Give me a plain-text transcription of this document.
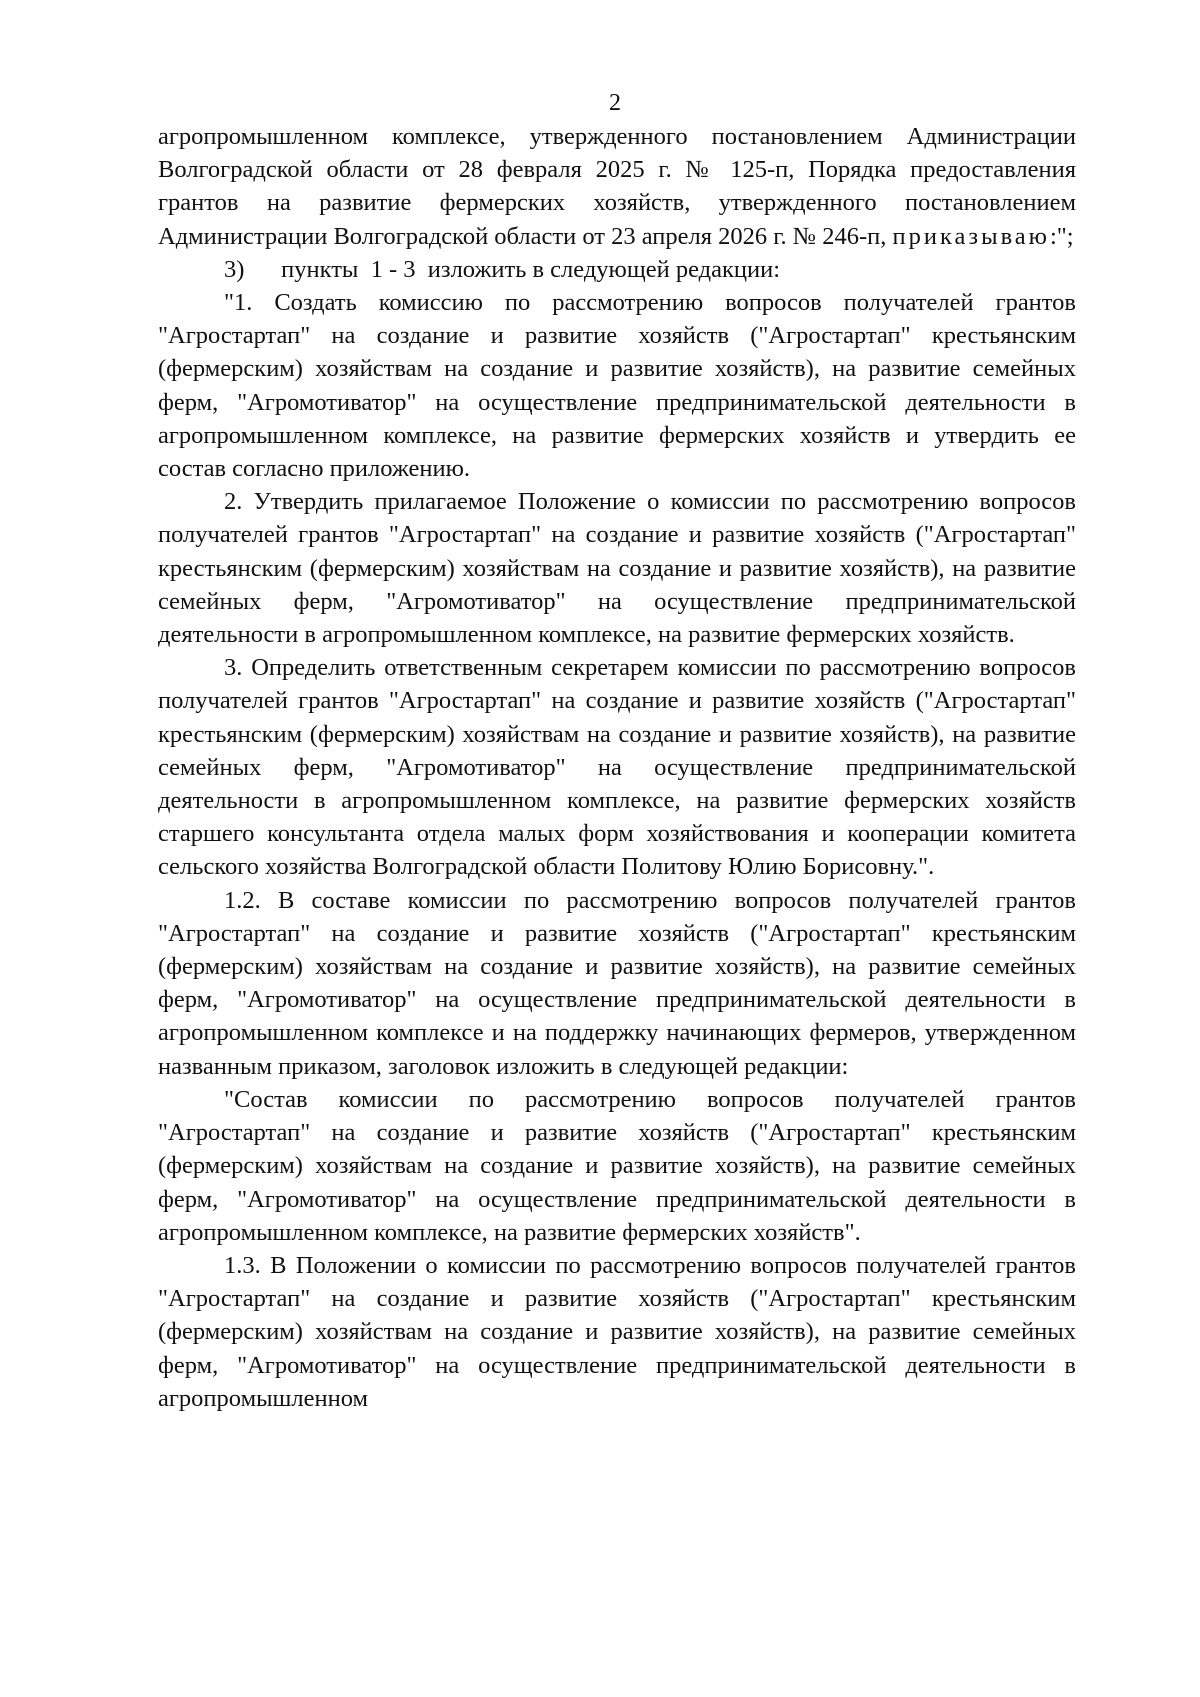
2

агропромышленном комплексе, утвержденного постановлением Администрации Волгоградской области от 28 февраля 2025 г. № 125-п, Порядка предоставления грантов на развитие фермерских хозяйств, утвержденного постановлением Администрации Волгоградской области от 23 апреля 2026 г. № 246-п, приказываю:";

3)      пункты  1 - 3  изложить в следующей редакции:

"1. Создать комиссию по рассмотрению вопросов получателей грантов "Агростартап" на создание и развитие хозяйств ("Агростартап" крестьянским (фермерским) хозяйствам на создание и развитие хозяйств), на развитие семейных ферм, "Агромотиватор" на осуществление предпринимательской деятельности в агропромышленном комплексе, на развитие фермерских хозяйств и утвердить ее состав согласно приложению.

2. Утвердить прилагаемое Положение о комиссии по рассмотрению вопросов получателей грантов "Агростартап" на создание и развитие хозяйств ("Агростартап" крестьянским (фермерским) хозяйствам на создание и развитие хозяйств), на развитие семейных ферм, "Агромотиватор" на осуществление предпринимательской деятельности в агропромышленном комплексе, на развитие фермерских хозяйств.

3. Определить ответственным секретарем комиссии по рассмотрению вопросов получателей грантов "Агростартап" на создание и развитие хозяйств ("Агростартап" крестьянским (фермерским) хозяйствам на создание и развитие хозяйств), на развитие семейных ферм, "Агромотиватор" на осуществление предпринимательской деятельности в агропромышленном комплексе, на развитие фермерских хозяйств старшего консультанта отдела малых форм хозяйствования и кооперации комитета сельского хозяйства Волгоградской области Политову Юлию Борисовну.".

1.2. В составе комиссии по рассмотрению вопросов получателей грантов "Агростартап" на создание и развитие хозяйств ("Агростартап" крестьянским (фермерским) хозяйствам на создание и развитие хозяйств), на развитие семейных ферм, "Агромотиватор" на осуществление предпринимательской деятельности в агропромышленном комплексе и на поддержку начинающих фермеров, утвержденном названным приказом, заголовок изложить в следующей редакции:

"Состав комиссии по рассмотрению вопросов получателей грантов "Агростартап" на создание и развитие хозяйств ("Агростартап" крестьянским (фермерским) хозяйствам на создание и развитие хозяйств), на развитие семейных ферм, "Агромотиватор" на осуществление предпринимательской деятельности в агропромышленном комплексе, на развитие фермерских хозяйств".

1.3. В Положении о комиссии по рассмотрению вопросов получателей грантов "Агростартап" на создание и развитие хозяйств ("Агростартап" крестьянским (фермерским) хозяйствам на создание и развитие хозяйств), на развитие семейных ферм, "Агромотиватор" на осуществление предпринимательской деятельности в агропромышленном
